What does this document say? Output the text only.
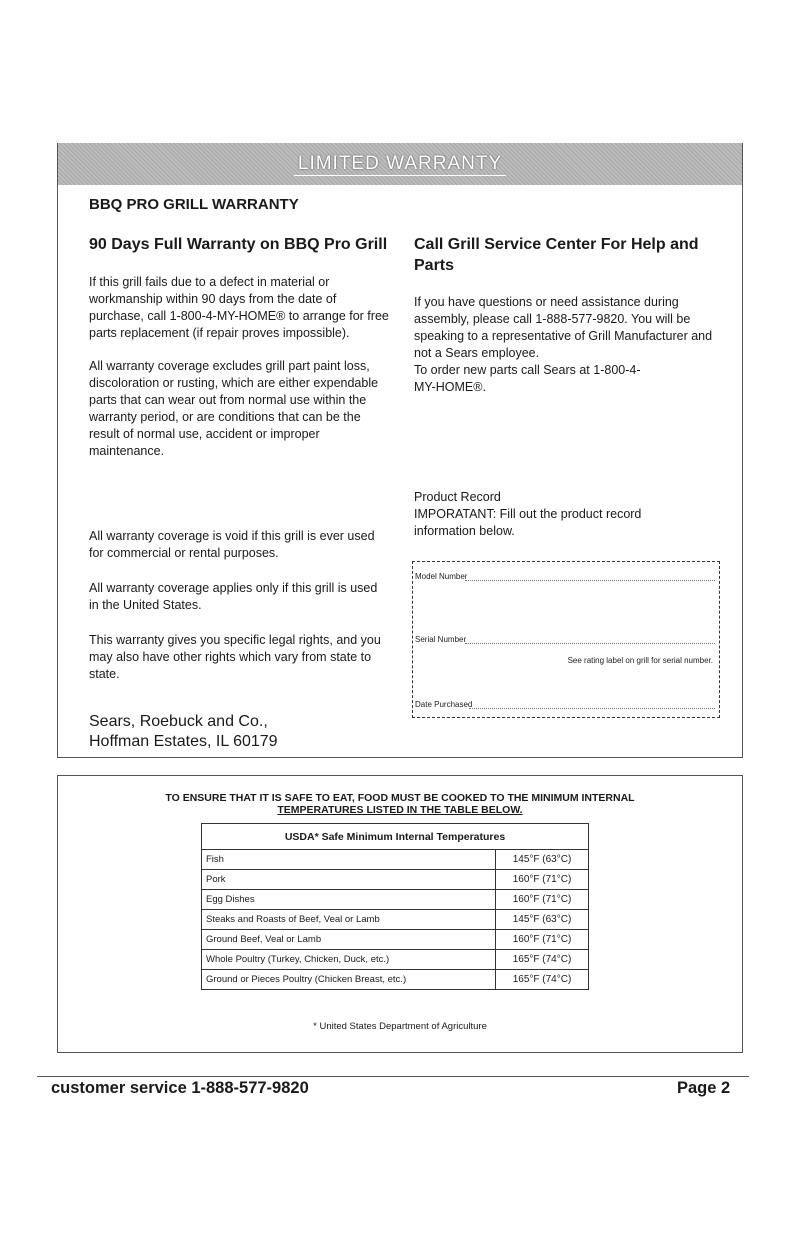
LIMITED WARRANTY
BBQ PRO GRILL WARRANTY
90 Days Full Warranty on BBQ Pro Grill
If this grill fails due to a defect in material or workmanship within 90 days from the date of purchase, call 1-800-4-MY-HOME® to arrange for free parts replacement (if repair proves impossible).
All warranty coverage excludes grill part paint loss, discoloration or rusting, which are either expendable parts that can wear out from normal use within the warranty period, or are conditions that can be the result of normal use, accident or improper maintenance.
All warranty coverage is void if this grill is ever used for commercial or rental purposes.
All warranty coverage applies only if this grill is used in the United States.
This warranty gives you specific legal rights, and you may also have other rights which vary from state to state.
Sears, Roebuck and Co.,
Hoffman Estates, IL 60179
Call Grill Service Center For Help and Parts
If you have questions or need assistance during assembly, please call 1-888-577-9820. You will be speaking to a representative of Grill Manufacturer and not a Sears employee.
To order new parts call Sears at 1-800-4-MY-HOME®.
Product Record
IMPORATANT: Fill out the product record information below.
Model Number
Serial Number
See rating label on grill for serial number.
Date Purchased
TO ENSURE THAT IT IS SAFE TO EAT, FOOD MUST BE COOKED TO THE MINIMUM INTERNAL
TEMPERATURES LISTED IN THE TABLE BELOW.
USDA* Safe Minimum Internal Temperatures	
Fish	145°F (63°C)
Pork	160°F (71°C)
Egg Dishes	160°F (71°C)
Steaks and Roasts of Beef, Veal or Lamb	145°F (63°C)
Ground Beef, Veal or Lamb	160°F (71°C)
Whole Poultry (Turkey, Chicken, Duck, etc.)	165°F (74°C)
Ground or Pieces Poultry (Chicken Breast, etc.)	165°F (74°C)
* United States Department of Agriculture
customer service 1-888-577-9820	Page 2
